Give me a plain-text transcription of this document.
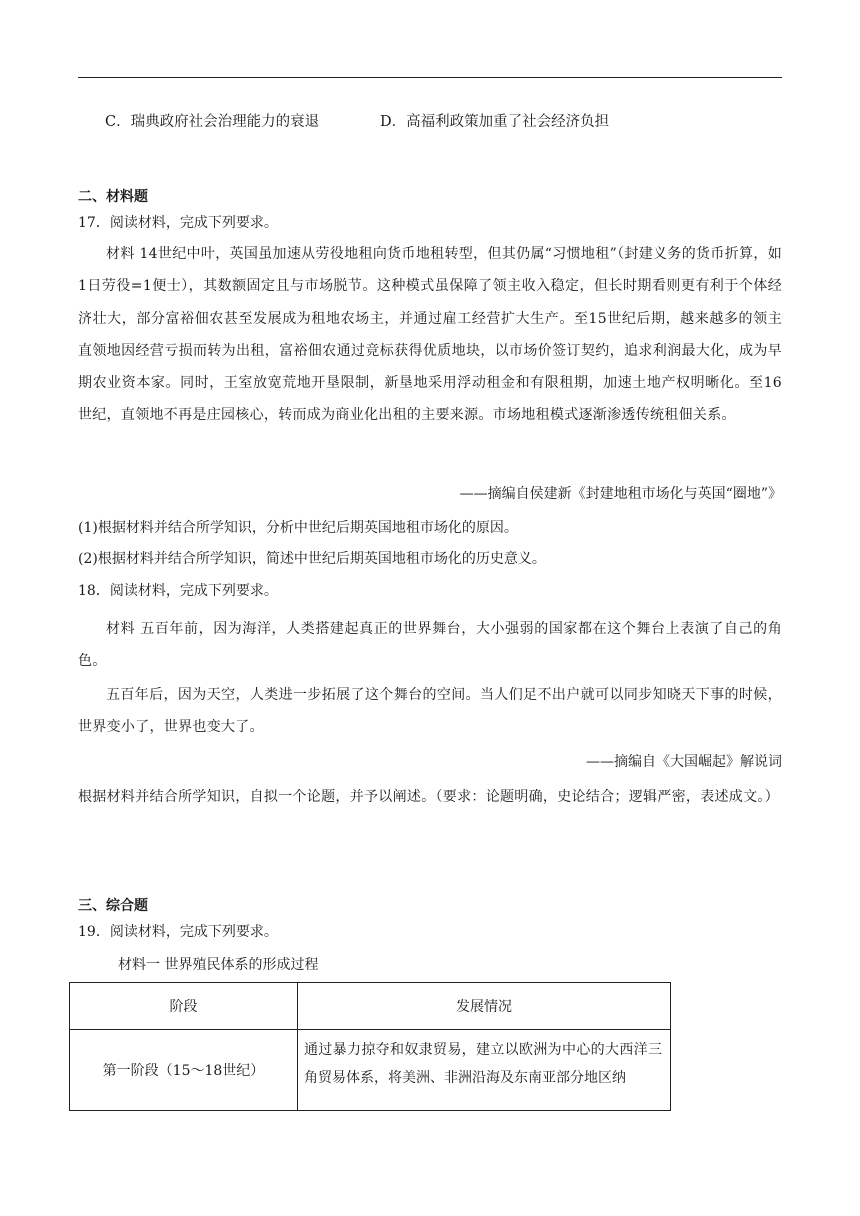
C．瑞典政府社会治理能力的衰退	D．高福利政策加重了社会经济负担
二、材料题
17．阅读材料，完成下列要求。
材料 14世纪中叶，英国虽加速从劳役地租向货币地租转型，但其仍属“习惯地租”（封建义务的货币折算，如1日劳役=1便士），其数额固定且与市场脱节。这种模式虽保障了领主收入稳定，但长时期看则更有利于个体经济壮大，部分富裕佃农甚至发展成为租地农场主，并通过雇工经营扩大生产。至15世纪后期，越来越多的领主直领地因经营亏损而转为出租，富裕佃农通过竞标获得优质地块，以市场价签订契约，追求利润最大化，成为早期农业资本家。同时，王室放宽荒地开垦限制，新垦地采用浮动租金和有限租期，加速土地产权明晰化。至16世纪，直领地不再是庄园核心，转而成为商业化出租的主要来源。市场地租模式逐渐渗透传统租佃关系。
——摘编自侯建新《封建地租市场化与英国“圈地”》
(1)根据材料并结合所学知识，分析中世纪后期英国地租市场化的原因。
(2)根据材料并结合所学知识，简述中世纪后期英国地租市场化的历史意义。
18．阅读材料，完成下列要求。
材料 五百年前，因为海洋，人类搭建起真正的世界舞台，大小强弱的国家都在这个舞台上表演了自己的角色。
五百年后，因为天空，人类进一步拓展了这个舞台的空间。当人们足不出户就可以同步知晓天下事的时候，世界变小了，世界也变大了。
——摘编自《大国崛起》解说词
根据材料并结合所学知识，自拟一个论题，并予以阐述。（要求：论题明确，史论结合；逻辑严密，表述成文。）
三、综合题
19．阅读材料，完成下列要求。
材料一 世界殖民体系的形成过程
阶段	发展情况
第一阶段（15～18世纪）	通过暴力掠夺和奴隶贸易，建立以欧洲为中心的大西洋三角贸易体系，将美洲、非洲沿海及东南亚部分地区纳
